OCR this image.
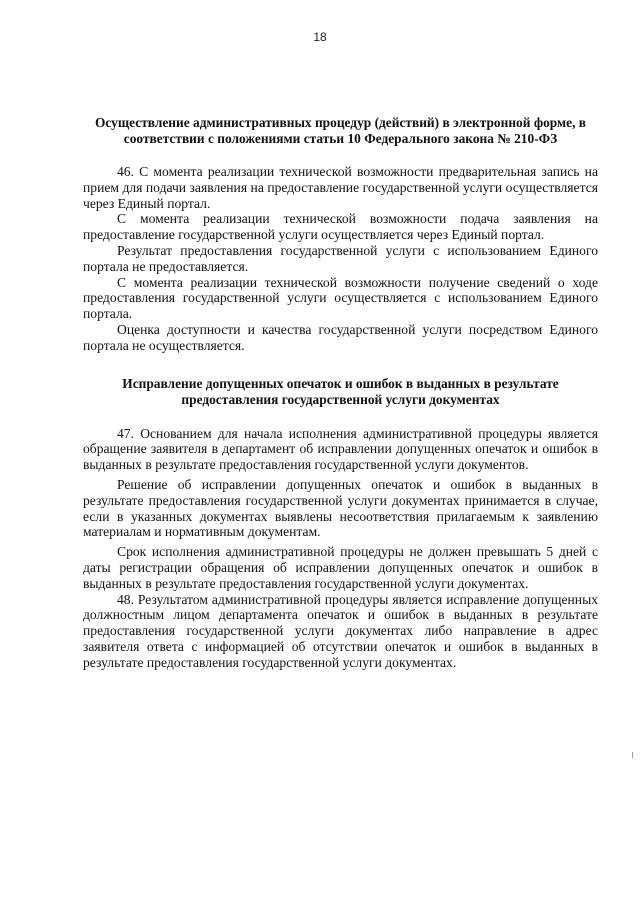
18
Осуществление административных процедур (действий) в электронной форме, в соответствии с положениями статьи 10 Федерального закона № 210-ФЗ

46. С момента реализации технической возможности предварительная запись на прием для подачи заявления на предоставление государственной услуги осуществляется через Единый портал.

С момента реализации технической возможности подача заявления на предоставление государственной услуги осуществляется через Единый портал.

Результат предоставления государственной услуги с использованием Единого портала не предоставляется.

С момента реализации технической возможности получение сведений о ходе предоставления государственной услуги осуществляется с использованием Единого портала.

Оценка доступности и качества государственной услуги посредством Единого портала не осуществляется.

Исправление допущенных опечаток и ошибок в выданных в результате предоставления государственной услуги документах

47. Основанием для начала исполнения административной процедуры является обращение заявителя в департамент об исправлении допущенных опечаток и ошибок в выданных в результате предоставления государственной услуги документов.

Решение об исправлении допущенных опечаток и ошибок в выданных в результате предоставления государственной услуги документах принимается в случае, если в указанных документах выявлены несоответствия прилагаемым к заявлению материалам и нормативным документам.

Срок исполнения административной процедуры не должен превышать 5 дней с даты регистрации обращения об исправлении допущенных опечаток и ошибок в выданных в результате предоставления государственной услуги документах.

48. Результатом административной процедуры является исправление допущенных должностным лицом департамента опечаток и ошибок в выданных в результате предоставления государственной услуги документах либо направление в адрес заявителя ответа с информацией об отсутствии опечаток и ошибок в выданных в результате предоставления государственной услуги документах.
